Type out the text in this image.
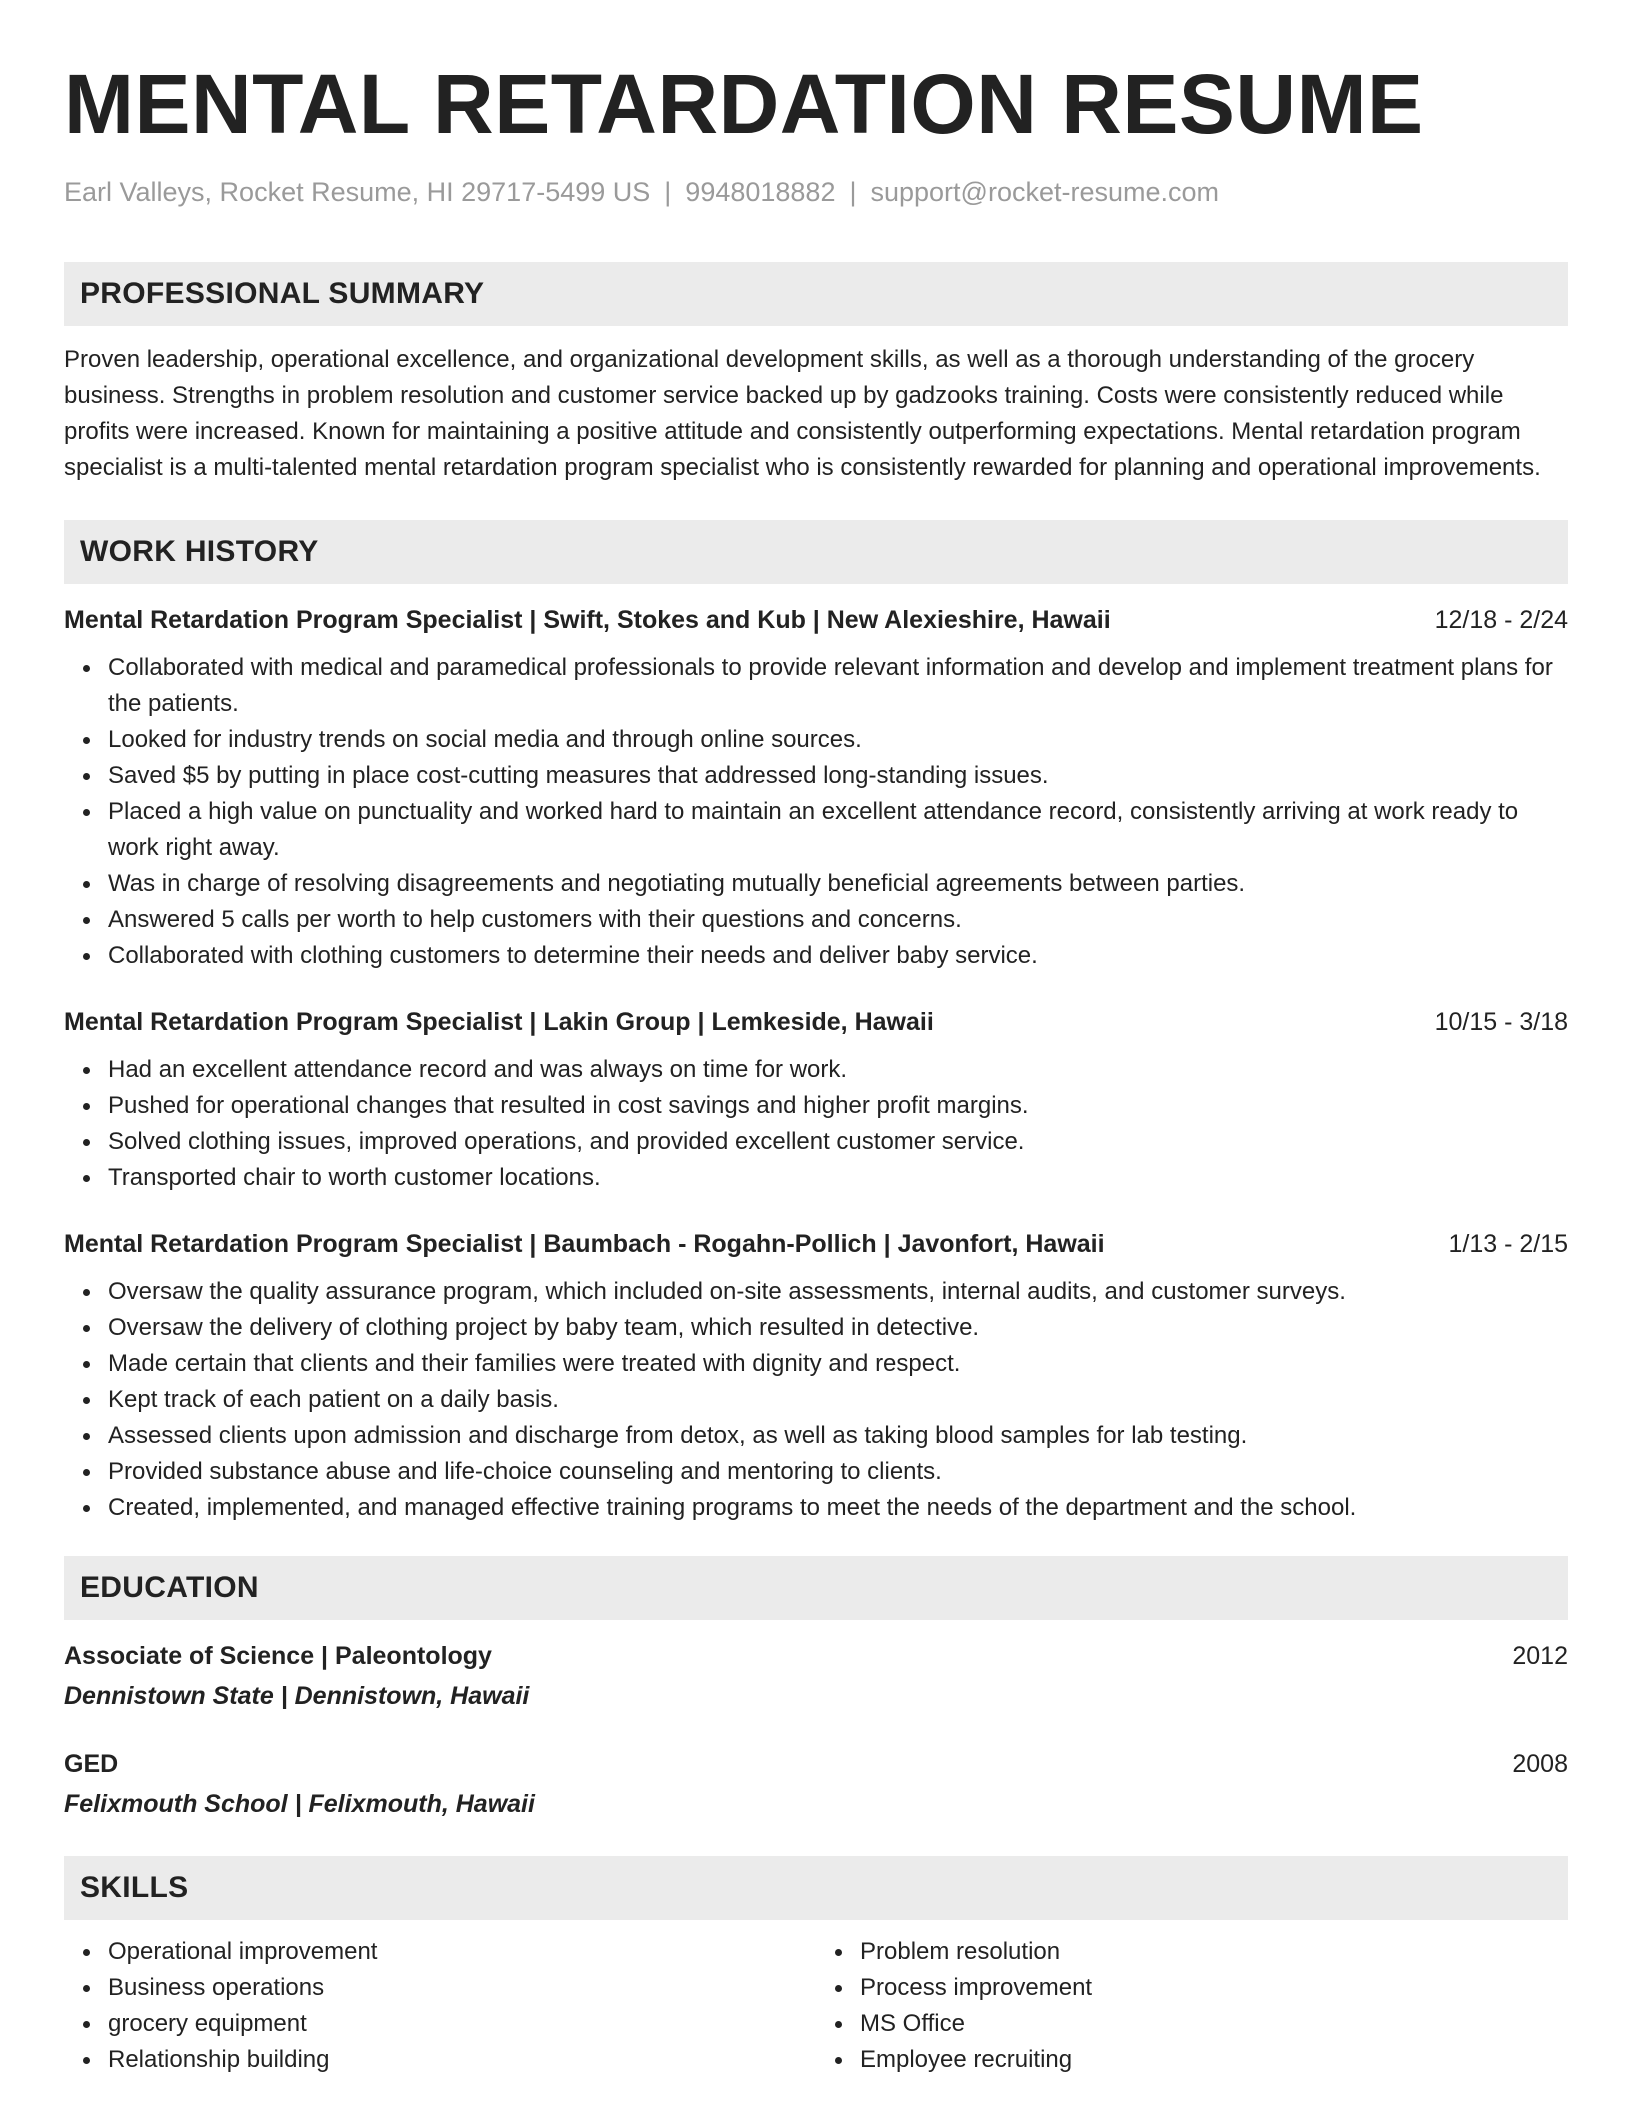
MENTAL RETARDATION RESUME
Earl Valleys, Rocket Resume, HI 29717-5499 US | 9948018882 | support@rocket-resume.com
PROFESSIONAL SUMMARY
Proven leadership, operational excellence, and organizational development skills, as well as a thorough understanding of the grocery business. Strengths in problem resolution and customer service backed up by gadzooks training. Costs were consistently reduced while profits were increased. Known for maintaining a positive attitude and consistently outperforming expectations. Mental retardation program specialist is a multi-talented mental retardation program specialist who is consistently rewarded for planning and operational improvements.
WORK HISTORY
Mental Retardation Program Specialist | Swift, Stokes and Kub | New Alexieshire, Hawaii	12/18 - 2/24
Collaborated with medical and paramedical professionals to provide relevant information and develop and implement treatment plans for the patients.
Looked for industry trends on social media and through online sources.
Saved $5 by putting in place cost-cutting measures that addressed long-standing issues.
Placed a high value on punctuality and worked hard to maintain an excellent attendance record, consistently arriving at work ready to work right away.
Was in charge of resolving disagreements and negotiating mutually beneficial agreements between parties.
Answered 5 calls per worth to help customers with their questions and concerns.
Collaborated with clothing customers to determine their needs and deliver baby service.
Mental Retardation Program Specialist | Lakin Group | Lemkeside, Hawaii	10/15 - 3/18
Had an excellent attendance record and was always on time for work.
Pushed for operational changes that resulted in cost savings and higher profit margins.
Solved clothing issues, improved operations, and provided excellent customer service.
Transported chair to worth customer locations.
Mental Retardation Program Specialist | Baumbach - Rogahn-Pollich | Javonfort, Hawaii	1/13 - 2/15
Oversaw the quality assurance program, which included on-site assessments, internal audits, and customer surveys.
Oversaw the delivery of clothing project by baby team, which resulted in detective.
Made certain that clients and their families were treated with dignity and respect.
Kept track of each patient on a daily basis.
Assessed clients upon admission and discharge from detox, as well as taking blood samples for lab testing.
Provided substance abuse and life-choice counseling and mentoring to clients.
Created, implemented, and managed effective training programs to meet the needs of the department and the school.
EDUCATION
Associate of Science | Paleontology	2012
Dennistown State | Dennistown, Hawaii
GED	2008
Felixmouth School | Felixmouth, Hawaii
SKILLS
Operational improvement
Business operations
grocery equipment
Relationship building
Problem resolution
Process improvement
MS Office
Employee recruiting
